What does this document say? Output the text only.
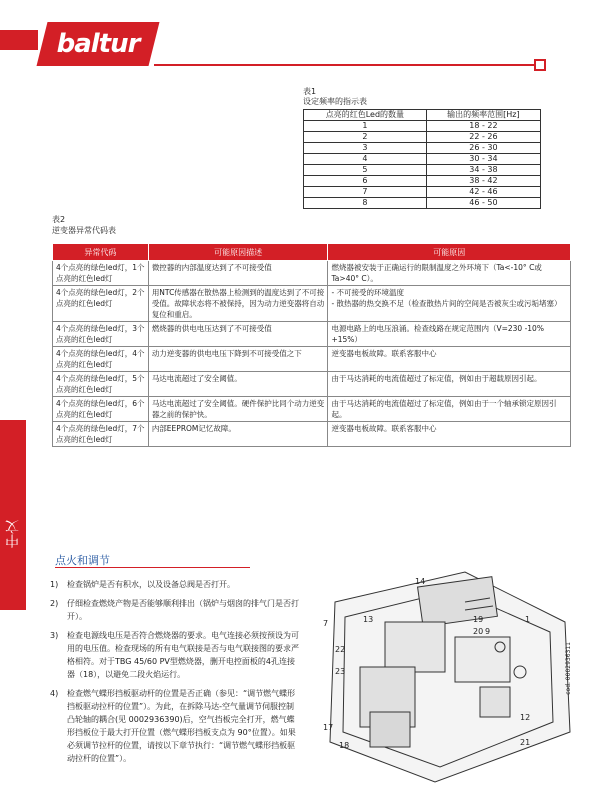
baltur
中文
表1
设定频率的指示表
点亮的红色Led的数量	输出的频率范围[Hz]
1	18 - 22
2	22 - 26
3	26 - 30
4	30 - 34
5	34 - 38
6	38 - 42
7	42 - 46
8	46 - 50
表2
逆变器异常代码表
异常代码	可能原因描述	可能原因
4个点亮的绿色led灯，1个点亮的红色led灯	微控器的内部温度达到了不可接受值	燃烧器被安装于正确运行的限制温度之外环境下（Ta<-10° C或Ta>40° C）。
4个点亮的绿色led灯，2个点亮的红色led灯	用NTC传感器在散热器上检测到的温度达到了不可接受值。故障状态将不被保持，因为动力逆变器将自动复位和重启。	- 不可接受的环境温度
- 散热器的热交换不足（检查散热片间的空间是否被灰尘或污垢堵塞）
4个点亮的绿色led灯，3个点亮的红色led灯	燃烧器的供电电压达到了不可接受值	电源电路上的电压浪涌。检查线路在规定范围内（V=230 -10% +15%）
4个点亮的绿色led灯，4个点亮的红色led灯	动力逆变器的供电电压下降到不可接受值之下	逆变器电板故障。联系客服中心
4个点亮的绿色led灯，5个点亮的红色led灯	马达电流超过了安全阈值。	由于马达消耗的电流值超过了标定值，例如由于超载原因引起。
4个点亮的绿色led灯，6个点亮的红色led灯	马达电流超过了安全阈值。硬件保护比同个动力逆变器之前的保护快。	由于马达消耗的电流值超过了标定值，例如由于一个轴承锁定原因引起。
4个点亮的绿色led灯，7个点亮的红色led灯	内部EEPROM记忆故障。	逆变器电板故障。联系客服中心
点火和调节
1)	检查锅炉是否有积水，以及设备总阀是否打开。
2)	仔细检查燃烧产物是否能够顺利排出（锅炉与烟囱的排气门是否打开）。
3)	检查电源线电压是否符合燃烧器的要求。电气连接必须按预设为可用的电压值。检查现场的所有电气联接是否与电气联接图的要求严格相符。对于TBG 45/60 PV型燃烧器，删开电控面板的4孔连接器（18），以避免二段火焰运行。
4)	检查燃气蝶形挡板驱动杆的位置是否正确（参见：“调节燃气蝶形挡板驱动拉杆的位置”）。为此，在拆除马达-空气量调节伺服控制凸轮轴的耦合(见 0002936390)后，空气挡板完全打开，燃气蝶形挡板位于最大打开位置（燃气蝶形挡板支点为 90°位置）。如果必须调节拉杆的位置，请按以下章节执行：“调节燃气蝶形挡板驱动拉杆的位置”）。
14
7	13	19
20
22
23
9
1
17
18
12
21
cod. 0002936311
